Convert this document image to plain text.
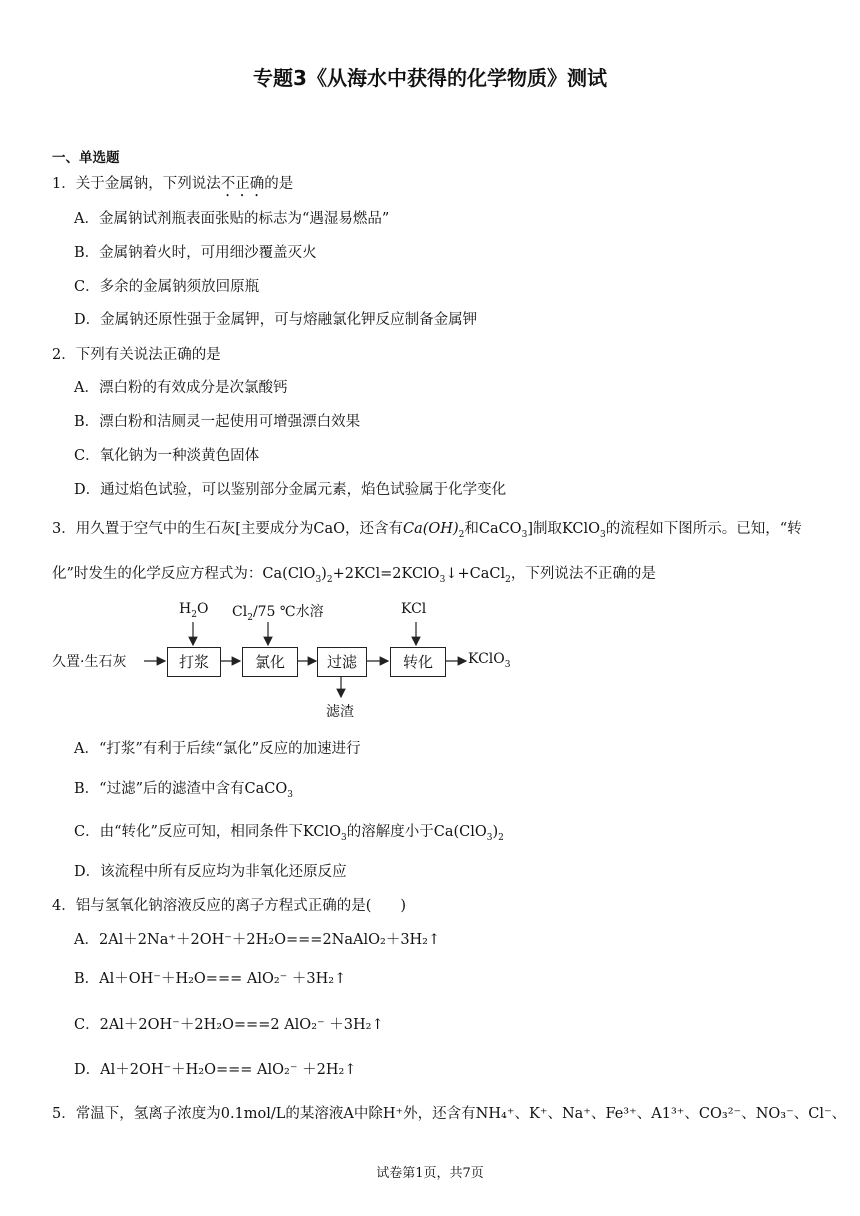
专题3《从海水中获得的化学物质》测试
一、单选题
1．关于金属钠，下列说法不正确的是
A．金属钠试剂瓶表面张贴的标志为“遇湿易燃品”
B．金属钠着火时，可用细沙覆盖灭火
C．多余的金属钠须放回原瓶
D．金属钠还原性强于金属钾，可与熔融氯化钾反应制备金属钾
2．下列有关说法正确的是
A．漂白粉的有效成分是次氯酸钙
B．漂白粉和洁厕灵一起使用可增强漂白效果
C．氧化钠为一种淡黄色固体
D．通过焰色试验，可以鉴别部分金属元素，焰色试验属于化学变化
3．用久置于空气中的生石灰[主要成分为CaO，还含有$Ca(OH)_2$和CaCO$_3$]制取KClO$_3$的流程如下图所示。已知，“转
化”时发生的化学反应方程式为：$Ca(ClO_3)_2+2KCl=2KClO_3↓+CaCl_2$，下列说法不正确的是
久置·生石灰	打浆	氯化	过滤	转化	KClO$_3$
$H_2O$ $Cl_2/75$ ℃水溶	KCl
滤渣
A．“打浆”有利于后续“氯化”反应的加速进行
B．“过滤”后的滤渣中含有CaCO$_3$
C．由“转化”反应可知，相同条件下KClO$_3$的溶解度小于$Ca(ClO_3)_2$
D．该流程中所有反应均为非氧化还原反应
4．铝与氢氧化钠溶液反应的离子方程式正确的是(　　)
A．2Al＋2Na⁺＋2OH⁻＋2H₂O===2NaAlO₂＋3H₂↑
B．Al＋OH⁻＋H₂O=== AlO₂⁻ ＋3H₂↑
C．2Al＋2OH⁻＋2H₂O===2 AlO₂⁻ ＋3H₂↑
D．Al＋2OH⁻＋H₂O=== AlO₂⁻ ＋2H₂↑
5．常温下，氢离子浓度为0.1mol/L的某溶液A中除H⁺外，还含有NH₄⁺、K⁺、Na⁺、Fe³⁺、A1³⁺、CO₃²⁻、NO₃⁻、Cl⁻、
试卷第1页，共7页
